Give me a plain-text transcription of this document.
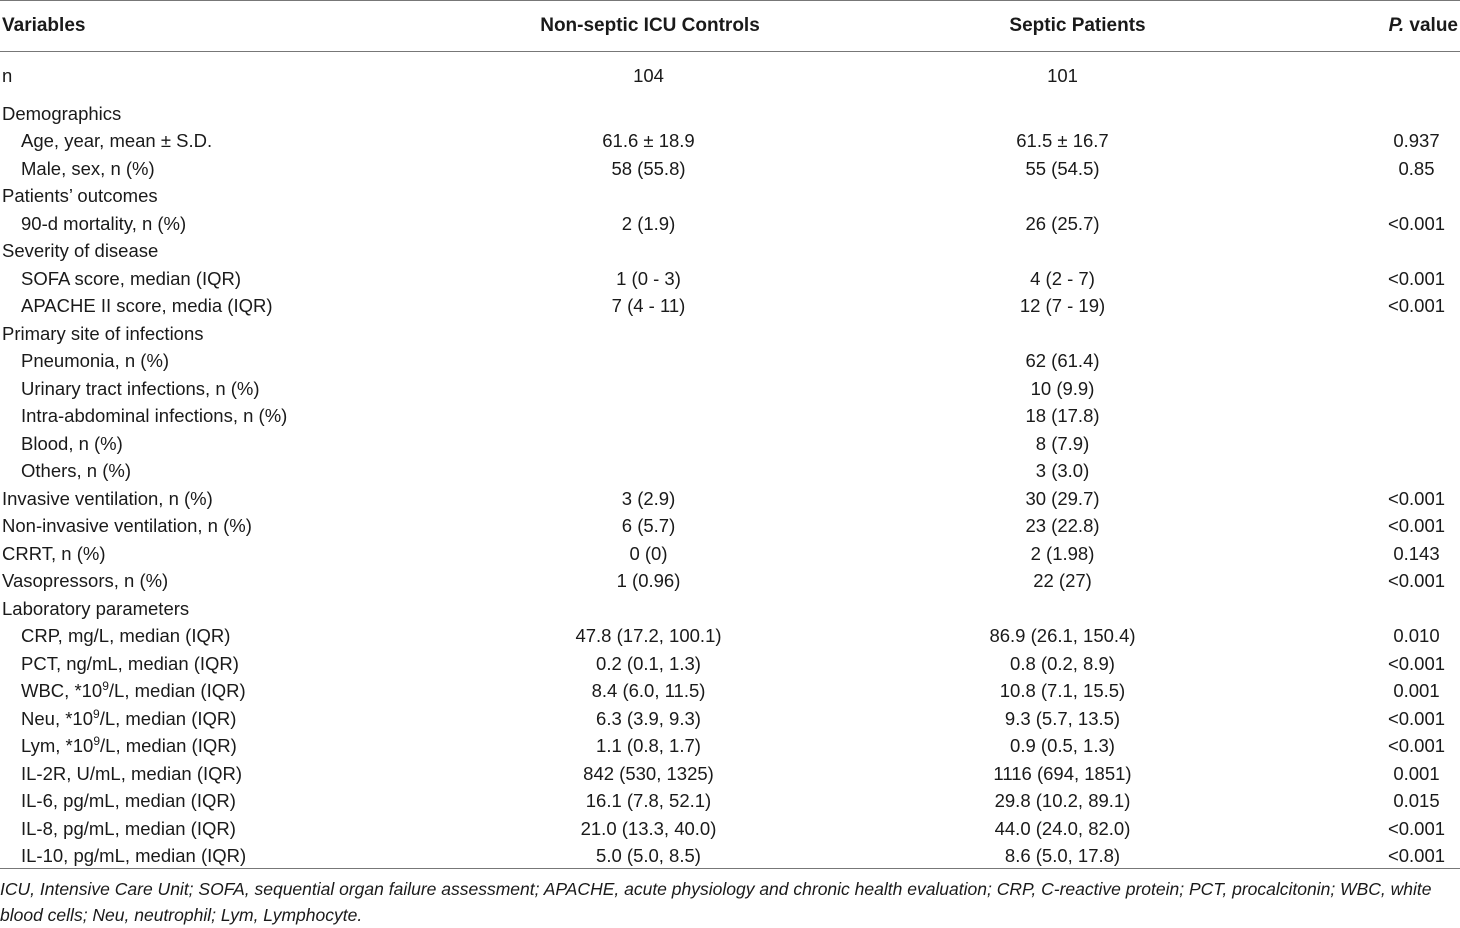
Variables	Non-septic ICU Controls	Septic Patients	P. value
n	104	101	
Demographics			
Age, year, mean ± S.D.	61.6 ± 18.9	61.5 ± 16.7	0.937
Male, sex, n (%)	58 (55.8)	55 (54.5)	0.85
Patients’ outcomes			
90-d mortality, n (%)	2 (1.9)	26 (25.7)	<0.001
Severity of disease			
SOFA score, median (IQR)	1 (0 - 3)	4 (2 - 7)	<0.001
APACHE II score, media (IQR)	7 (4 - 11)	12 (7 - 19)	<0.001
Primary site of infections			
Pneumonia, n (%)		62 (61.4)	
Urinary tract infections, n (%)		10 (9.9)	
Intra-abdominal infections, n (%)		18 (17.8)	
Blood, n (%)		8 (7.9)	
Others, n (%)		3 (3.0)	
Invasive ventilation, n (%)	3 (2.9)	30 (29.7)	<0.001
Non-invasive ventilation, n (%)	6 (5.7)	23 (22.8)	<0.001
CRRT, n (%)	0 (0)	2 (1.98)	0.143
Vasopressors, n (%)	1 (0.96)	22 (27)	<0.001
Laboratory parameters			
CRP, mg/L, median (IQR)	47.8 (17.2, 100.1)	86.9 (26.1, 150.4)	0.010
PCT, ng/mL, median (IQR)	0.2 (0.1, 1.3)	0.8 (0.2, 8.9)	<0.001
WBC, $*10^9/L$, median (IQR)	8.4 (6.0, 11.5)	10.8 (7.1, 15.5)	0.001
Neu, $*10^9/L$, median (IQR)	6.3 (3.9, 9.3)	9.3 (5.7, 13.5)	<0.001
Lym, $*10^9/L$, median (IQR)	1.1 (0.8, 1.7)	0.9 (0.5, 1.3)	<0.001
IL-2R, U/mL, median (IQR)	842 (530, 1325)	1116 (694, 1851)	0.001
IL-6, pg/mL, median (IQR)	16.1 (7.8, 52.1)	29.8 (10.2, 89.1)	0.015
IL-8, pg/mL, median (IQR)	21.0 (13.3, 40.0)	44.0 (24.0, 82.0)	<0.001
IL-10, pg/mL, median (IQR)	5.0 (5.0, 8.5)	8.6 (5.0, 17.8)	<0.001

ICU, Intensive Care Unit; SOFA, sequential organ failure assessment; APACHE, acute physiology and chronic health evaluation; CRP, C-reactive protein; PCT, procalcitonin; WBC, white blood cells; Neu, neutrophil; Lym, Lymphocyte.
